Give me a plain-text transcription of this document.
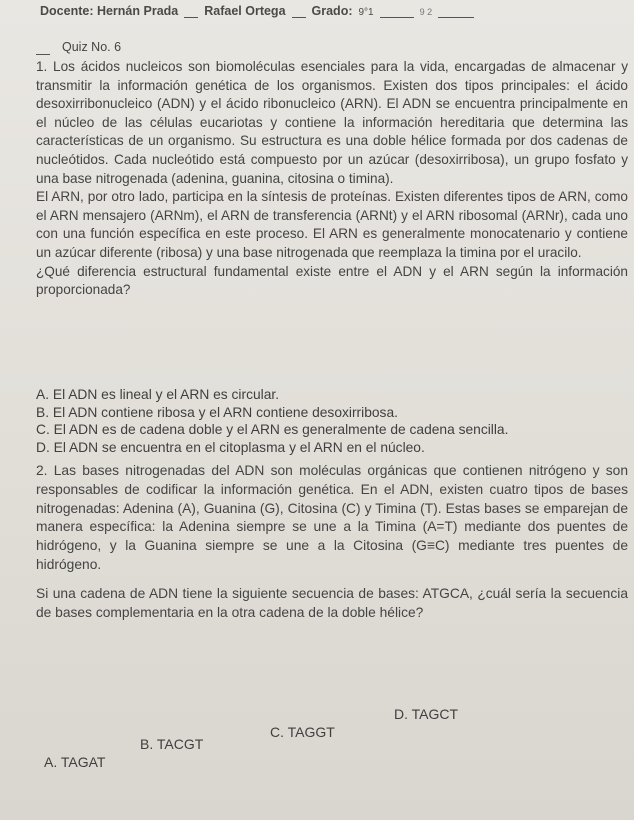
Docente: Hernán Prada Rafael Ortega Grado: 9°1	9 2
Quiz No. 6

1. Los ácidos nucleicos son biomoléculas esenciales para la vida, encargadas de almacenar y transmitir la información genética de los organismos. Existen dos tipos principales: el ácido desoxirribonucleico (ADN) y el ácido ribonucleico (ARN). El ADN se encuentra principalmente en el núcleo de las células eucariotas y contiene la información hereditaria que determina las características de un organismo. Su estructura es una doble hélice formada por dos cadenas de nucleótidos. Cada nucleótido está compuesto por un azúcar (desoxirribosa), un grupo fosfato y una base nitrogenada (adenina, guanina, citosina o timina).

El ARN, por otro lado, participa en la síntesis de proteínas. Existen diferentes tipos de ARN, como el ARN mensajero (ARNm), el ARN de transferencia (ARNt) y el ARN ribosomal (ARNr), cada uno con una función específica en este proceso. El ARN es generalmente monocatenario y contiene un azúcar diferente (ribosa) y una base nitrogenada que reemplaza la timina por el uracilo.

¿Qué diferencia estructural fundamental existe entre el ADN y el ARN según la información proporcionada?

A. El ADN es lineal y el ARN es circular.
B. El ADN contiene ribosa y el ARN contiene desoxirribosa.
C. El ADN es de cadena doble y el ARN es generalmente de cadena sencilla.
D. El ADN se encuentra en el citoplasma y el ARN en el núcleo.

2. Las bases nitrogenadas del ADN son moléculas orgánicas que contienen nitrógeno y son responsables de codificar la información genética. En el ADN, existen cuatro tipos de bases nitrogenadas: Adenina (A), Guanina (G), Citosina (C) y Timina (T). Estas bases se emparejan de manera específica: la Adenina siempre se une a la Timina (A=T) mediante dos puentes de hidrógeno, y la Guanina siempre se une a la Citosina (G≡C) mediante tres puentes de hidrógeno.

Si una cadena de ADN tiene la siguiente secuencia de bases: ATGCA, ¿cuál sería la secuencia de bases complementaria en la otra cadena de la doble hélice?

D. TAGCT
C. TAGGT
B. TACGT
A. TAGAT
